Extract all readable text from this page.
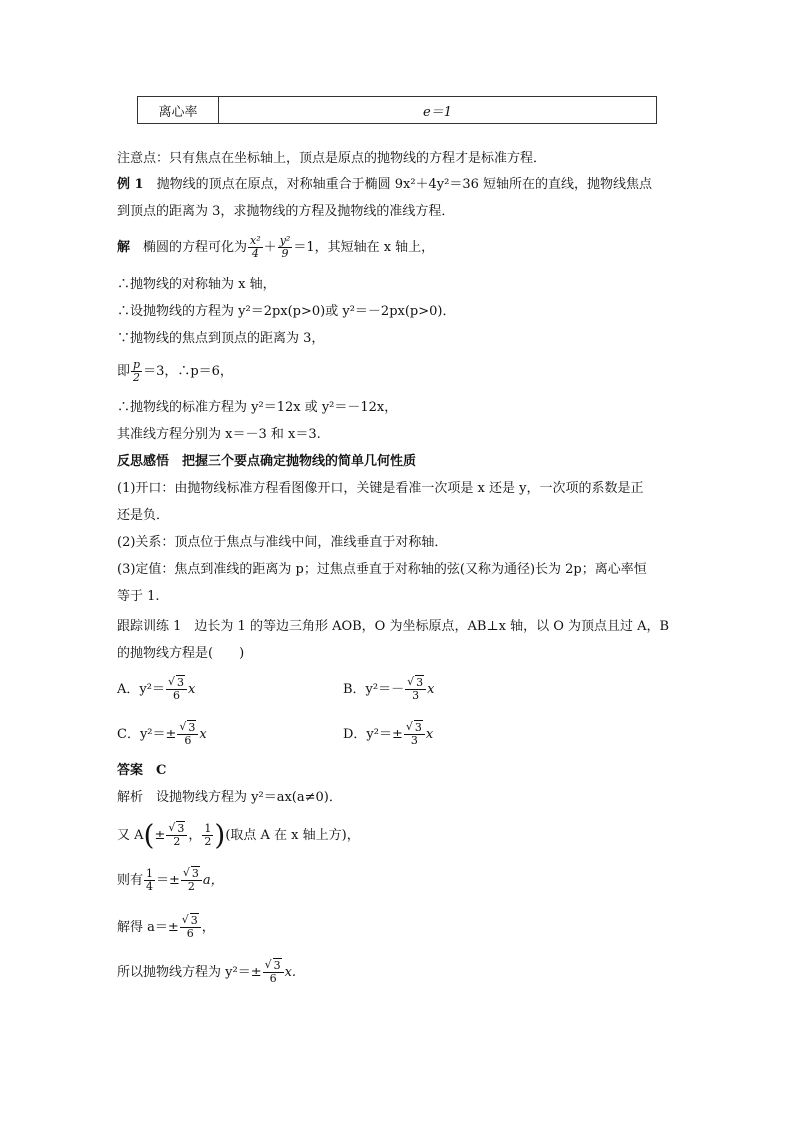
离心率	e＝1
注意点：只有焦点在坐标轴上，顶点是原点的抛物线的方程才是标准方程．
例 1　 抛物线的顶点在原点，对称轴重合于椭圆 9x²＋4y²＝36 短轴所在的直线，抛物线焦点
到顶点的距离为 3，求抛物线的方程及抛物线的准线方程．
解　 椭圆的方程可化为 $\frac{\text{x²}}{4} + \frac{\text{y²}}{9} =1$，其短轴在 x 轴上，
∴抛物线的对称轴为 x 轴，
∴设抛物线的方程为 y²＝2px(p>0)或 y²＝－2px(p>0)．
∵抛物线的焦点到顶点的距离为 3，
即 $\frac{p}{2} =3$，∴p＝6，
∴抛物线的标准方程为 y²＝12x 或 y²＝－12x，
其准线方程分别为 x＝－3 和 x＝3.
反思感悟　把握三个要点确定抛物线的简单几何性质
(1)开口：由抛物线标准方程看图像开口，关键是看准一次项是 x 还是 y，一次项的系数是正
还是负．
(2)关系：顶点位于焦点与准线中间，准线垂直于对称轴．
(3)定值：焦点到准线的距离为 p；过焦点垂直于对称轴的弦(又称为通径)长为 2p；离心率恒
等于 1.
跟踪训练 1　边长为 1 的等边三角形 AOB，O 为坐标原点，AB⊥x 轴，以 O 为顶点且过 A，B
的抛物线方程是(　　)
A．y²＝ √ $\frac{3}{6}$ x	B．y²＝－ √ $\frac{3}{3}$ x
C．y²＝± √ $\frac{3}{6}$ x	D．y²＝± √ $\frac{3}{3}$ x
答案　C
解析　设抛物线方程为 y²＝ax(a≠0)．
又 A(± √ $\frac{3}{2}$ ， $\frac{1}{2}$ )(取点 A 在 x 轴上方)，
则有 $\frac{1}{4}$ ＝± √ $\frac{3}{2}$ a，
解得 a＝± √ $\frac{3}{6}$ ，
所以抛物线方程为 y²＝± √ $\frac{3}{6} x$.
